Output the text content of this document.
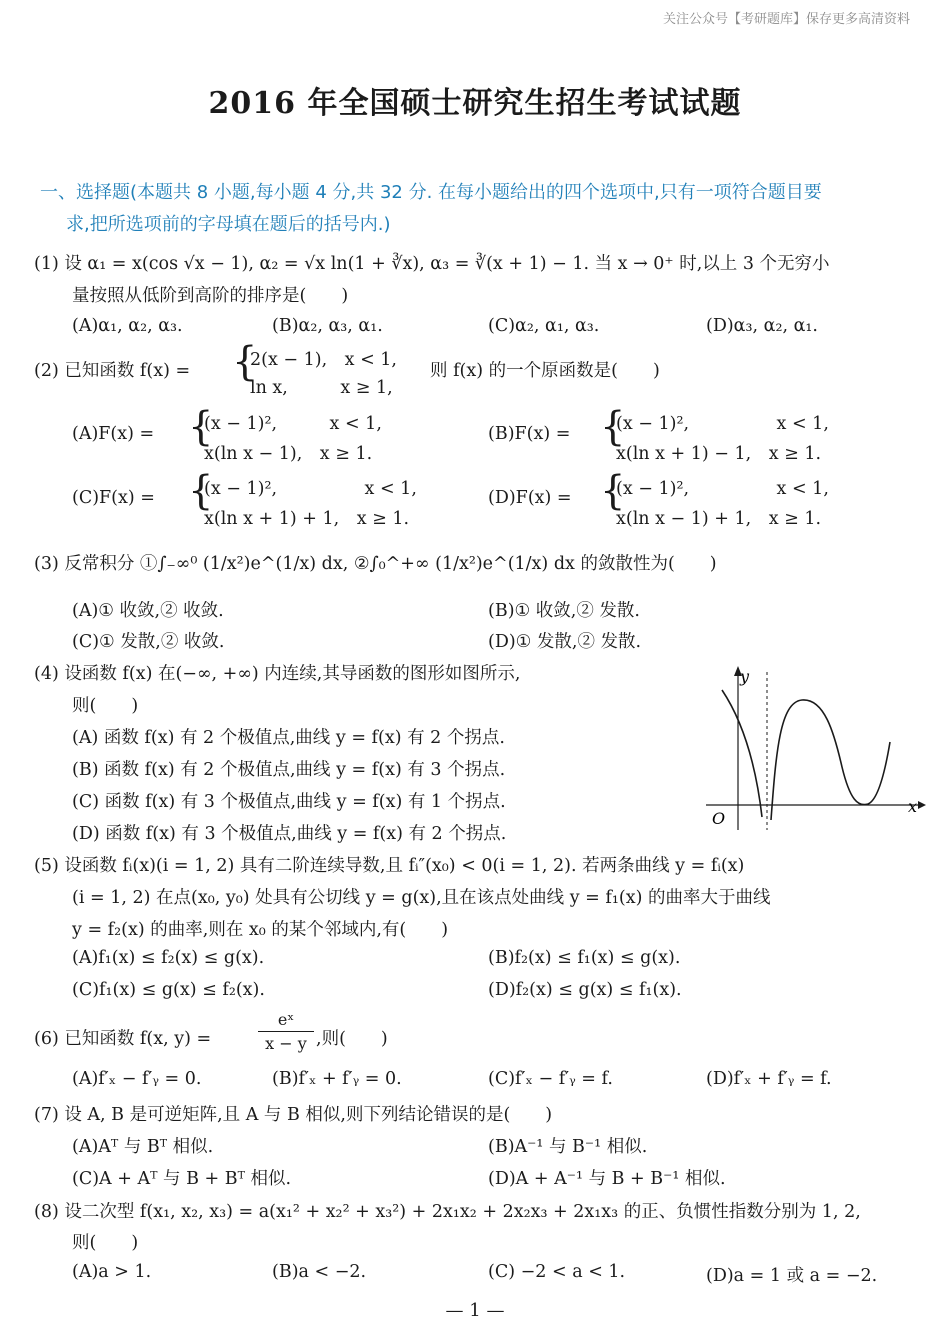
关注公众号【考研题库】保存更多高清资料
2016 年全国硕士研究生招生考试试题
一、选择题(本题共 8 小题,每小题 4 分,共 32 分. 在每小题给出的四个选项中,只有一项符合题目要
求,把所选项前的字母填在题后的括号内.)
(1) 设 α₁ = x(cos √x − 1), α₂ = √x ln(1 + ∛x), α₃ = ∛(x + 1) − 1. 当 x → 0⁺ 时,以上 3 个无穷小
量按照从低阶到高阶的排序是(　　)
(A)α₁, α₂, α₃.	(B)α₂, α₃, α₁.	(C)α₂, α₁, α₃.	(D)α₃, α₂, α₁.
(2) 已知函数 f(x) = {
2(x − 1),　x < 1,
ln x,　　　x ≥ 1,
则 f(x) 的一个原函数是(　　)
(A)F(x) = {
(x − 1)²,　　　x < 1,
x(ln x − 1),　x ≥ 1.
(B)F(x) = {
(x − 1)²,　　　　　x < 1,
x(ln x + 1) − 1,　x ≥ 1.
(C)F(x) = {
(x − 1)²,　　　　　x < 1,
x(ln x + 1) + 1,　x ≥ 1.
(D)F(x) = {
(x − 1)²,　　　　　x < 1,
x(ln x − 1) + 1,　x ≥ 1.
(3) 反常积分 ①∫₋∞⁰ (1/x²)e^(1/x) dx, ②∫₀^+∞ (1/x²)e^(1/x) dx 的敛散性为(　　)
(A)① 收敛,② 收敛.	(B)① 收敛,② 发散.
(C)① 发散,② 收敛.	(D)① 发散,② 发散.
(4) 设函数 f(x) 在(−∞, +∞) 内连续,其导函数的图形如图所示,
则(　　)
(A) 函数 f(x) 有 2 个极值点,曲线 y = f(x) 有 2 个拐点.
(B) 函数 f(x) 有 2 个极值点,曲线 y = f(x) 有 3 个拐点.
(C) 函数 f(x) 有 3 个极值点,曲线 y = f(x) 有 1 个拐点.
(D) 函数 f(x) 有 3 个极值点,曲线 y = f(x) 有 2 个拐点.
y
x
O
(5) 设函数 fᵢ(x)(i = 1, 2) 具有二阶连续导数,且 fᵢ″(x₀) < 0(i = 1, 2). 若两条曲线 y = fᵢ(x)
(i = 1, 2) 在点(x₀, y₀) 处具有公切线 y = g(x),且在该点处曲线 y = f₁(x) 的曲率大于曲线
y = f₂(x) 的曲率,则在 x₀ 的某个邻域内,有(　　)
(A)f₁(x) ≤ f₂(x) ≤ g(x).	(B)f₂(x) ≤ f₁(x) ≤ g(x).
(C)f₁(x) ≤ g(x) ≤ f₂(x).	(D)f₂(x) ≤ g(x) ≤ f₁(x).
(6) 已知函数 f(x, y) =	$\frac{\text{eˣ}}{x - y}$ ,则(　　)
(A)f′ₓ − f′ᵧ = 0.	(B)f′ₓ + f′ᵧ = 0.	(C)f′ₓ − f′ᵧ = f.	(D)f′ₓ + f′ᵧ = f.
(7) 设 A, B 是可逆矩阵,且 A 与 B 相似,则下列结论错误的是(　　)
(A)Aᵀ 与 Bᵀ 相似.	(B)A⁻¹ 与 B⁻¹ 相似.
(C)A + Aᵀ 与 B + Bᵀ 相似.	(D)A + A⁻¹ 与 B + B⁻¹ 相似.
(8) 设二次型 f(x₁, x₂, x₃) = a(x₁² + x₂² + x₃²) + 2x₁x₂ + 2x₂x₃ + 2x₁x₃ 的正、负惯性指数分别为 1, 2,
则(　　)
(A)a > 1.	(B)a < −2.	(C) −2 < a < 1.	(D)a = 1 或 a = −2.
— 1 —
